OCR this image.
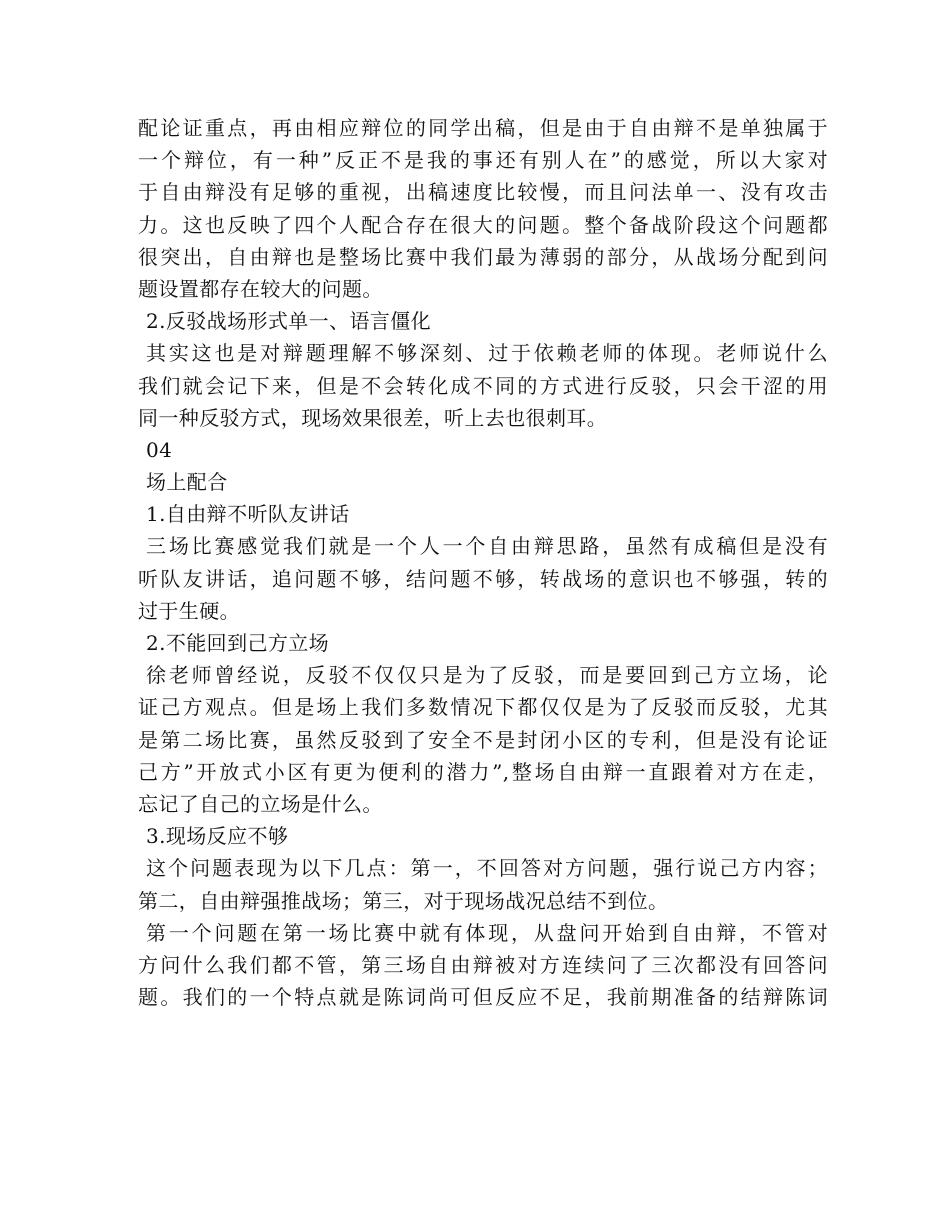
配论证重点，再由相应辩位的同学出稿，但是由于自由辩不是单独属于
一个辩位，有一种”反正不是我的事还有别人在”的感觉，所以大家对
于自由辩没有足够的重视，出稿速度比较慢，而且问法单一、没有攻击
力。这也反映了四个人配合存在很大的问题。整个备战阶段这个问题都
很突出，自由辩也是整场比赛中我们最为薄弱的部分，从战场分配到问
题设置都存在较大的问题。
2.反驳战场形式单一、语言僵化
其实这也是对辩题理解不够深刻、过于依赖老师的体现。老师说什么
我们就会记下来，但是不会转化成不同的方式进行反驳，只会干涩的用
同一种反驳方式，现场效果很差，听上去也很刺耳。
04
场上配合
1.自由辩不听队友讲话
三场比赛感觉我们就是一个人一个自由辩思路，虽然有成稿但是没有
听队友讲话，追问题不够，结问题不够，转战场的意识也不够强，转的
过于生硬。
2.不能回到己方立场
徐老师曾经说，反驳不仅仅只是为了反驳，而是要回到己方立场，论
证己方观点。但是场上我们多数情况下都仅仅是为了反驳而反驳，尤其
是第二场比赛，虽然反驳到了安全不是封闭小区的专利，但是没有论证
己方”开放式小区有更为便利的潜力”,整场自由辩一直跟着对方在走，
忘记了自己的立场是什么。
3.现场反应不够
这个问题表现为以下几点：第一，不回答对方问题，强行说己方内容；
第二，自由辩强推战场；第三，对于现场战况总结不到位。
第一个问题在第一场比赛中就有体现，从盘问开始到自由辩，不管对
方问什么我们都不管，第三场自由辩被对方连续问了三次都没有回答问
题。我们的一个特点就是陈词尚可但反应不足，我前期准备的结辩陈词
